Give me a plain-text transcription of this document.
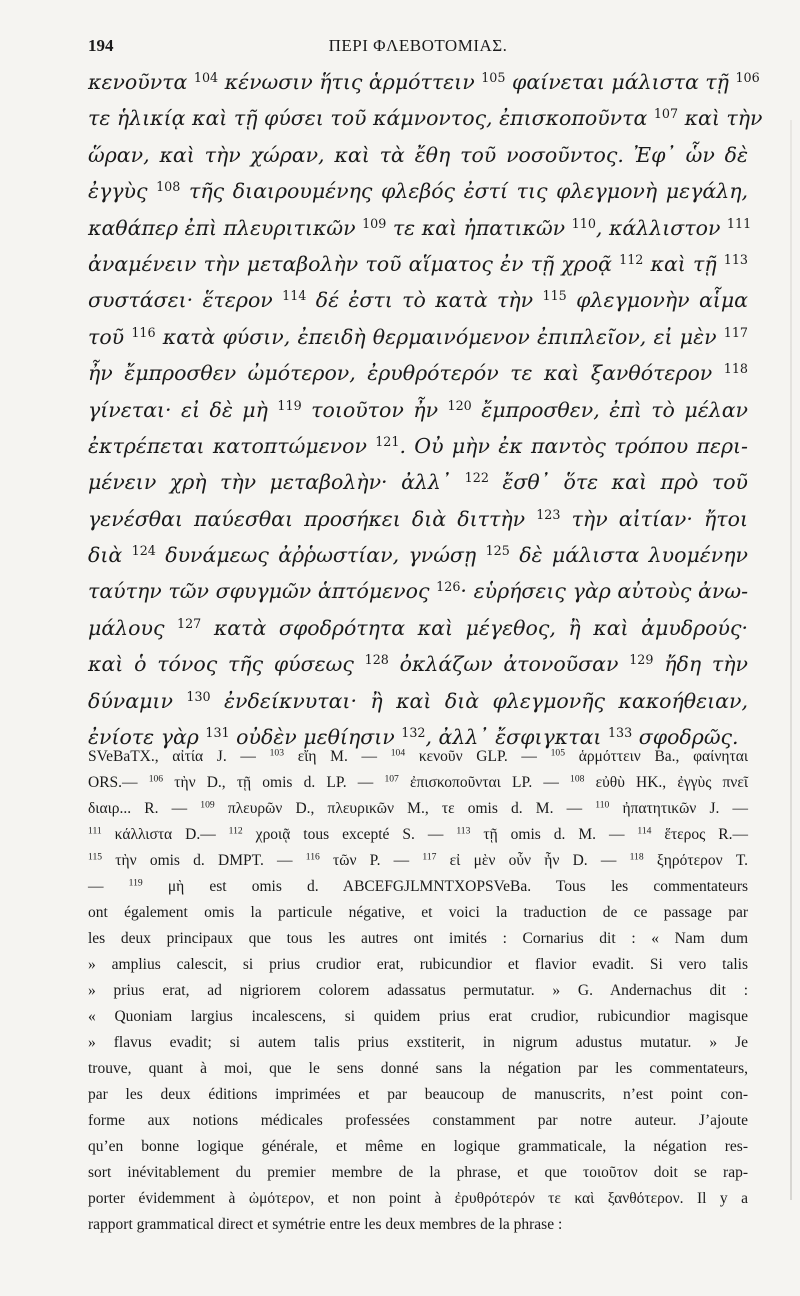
194	ΠΕΡΙ ΦΛΕΒΟΤΟΜΙΑΣ.
κενοῦντα $^{104}$ κένωσιν ἥτις ἁρμόττειν $^{105}$ φαίνεται μάλιστα τῇ $^{106}$
τε ἡλικίᾳ καὶ τῇ φύσει τοῦ κάμνοντος, ἐπισκοποῦντα $^{107}$ καὶ τὴν
ὥραν, καὶ τὴν χώραν, καὶ τὰ ἔθη τοῦ νοσοῦντος. Ἐφ᾽ ὧν δὲ
ἐγγὺς $^{108}$ τῆς διαιρουμένης φλεβός ἐστί τις φλεγμονὴ μεγάλη,
καθάπερ ἐπὶ πλευριτικῶν $^{109}$ τε καὶ ἠπατικῶν $^{110}$, κάλλιστον $^{111}$
ἀναμένειν τὴν μεταβολὴν τοῦ αἵματος ἐν τῇ χροᾷ $^{112}$ καὶ τῇ $^{113}$
συστάσει· ἕτερον $^{114}$ δέ ἐστι τὸ κατὰ τὴν $^{115}$ φλεγμονὴν αἷμα
τοῦ $^{116}$ κατὰ φύσιν, ἐπειδὴ θερμαινόμενον ἐπιπλεῖον, εἰ μὲν $^{117}$
ἦν ἔμπροσθεν ὠμότερον, ἐρυθρότερόν τε καὶ ξανθότερον $^{118}$
γίνεται· εἰ δὲ μὴ $^{119}$ τοιοῦτον ἦν $^{120}$ ἔμπροσθεν, ἐπὶ τὸ μέλαν
ἐκτρέπεται κατοπτώμενον $^{121}$. Οὐ μὴν ἐκ παντὸς τρόπου περι-
μένειν χρὴ τὴν μεταβολὴν· ἀλλ᾽ $^{122}$ ἔσθ᾽ ὅτε καὶ πρὸ τοῦ
γενέσθαι παύεσθαι προσήκει διὰ διττὴν $^{123}$ τὴν αἰτίαν· ἤτοι
διὰ $^{124}$ δυνάμεως ἀῤῥωστίαν, γνώσῃ $^{125}$ δὲ μάλιστα λυομένην
ταύτην τῶν σφυγμῶν ἁπτόμενος $^{126}$· εὑρήσεις γὰρ αὐτοὺς ἀνω-
μάλους $^{127}$ κατὰ σφοδρότητα καὶ μέγεθος, ἢ καὶ ἀμυδρούς·
καὶ ὁ τόνος τῆς φύσεως $^{128}$ ὀκλάζων ἀτονοῦσαν $^{129}$ ἤδη τὴν
δύναμιν $^{130}$ ἐνδείκνυται· ἢ καὶ διὰ φλεγμονῆς κακοήθειαν,
ἐνίοτε γὰρ $^{131}$ οὐδὲν μεθίησιν $^{132}$, ἀλλ᾽ ἔσφιγκται $^{133}$ σφοδρῶς.
SVeBaTX., αἰτία J. — $^{103}$ εἴη M. — $^{104}$ κενοῦν GLP. — $^{105}$ ἁρμόττειν Ba., φαίνηται
ORS.— $^{106}$ τὴν D., τῇ omis d. LP. — $^{107}$ ἐπισκοποῦνται LP. — $^{108}$ εὐθὺ HK., ἐγγὺς πνεῖ
διαιρ... R. — $^{109}$ πλευρῶν D., πλευρικῶν M., τε omis d. M. — $^{110}$ ἠπατητικῶν J. —
$^{111}$ κάλλιστα D.— $^{112}$ χροιᾷ tous excepté S. — $^{113}$ τῇ omis d. M. — $^{114}$ ἕτερος R.—
$^{115}$ τὴν omis d. DMPT. — $^{116}$ τῶν P. — $^{117}$ εἰ μὲν οὖν ἦν D. — $^{118}$ ξηρότερον T.
— $^{119}$ μὴ est omis d. ABCEFGJLMNTXOPSVeBa. Tous les commentateurs
ont également omis la particule négative, et voici la traduction de ce passage par
les deux principaux que tous les autres ont imités : Cornarius dit : « Nam dum
» amplius calescit, si prius crudior erat, rubicundior et flavior evadit. Si vero talis
» prius erat, ad nigriorem colorem adassatus permutatur. » G. Andernachus dit :
« Quoniam largius incalescens, si quidem prius erat crudior, rubicundior magisque
» flavus evadit; si autem talis prius exstiterit, in nigrum adustus mutatur. » Je
trouve, quant à moi, que le sens donné sans la négation par les commentateurs,
par les deux éditions imprimées et par beaucoup de manuscrits, n’est point con-
forme aux notions médicales professées constamment par notre auteur. J’ajoute
qu’en bonne logique générale, et même en logique grammaticale, la négation res-
sort inévitablement du premier membre de la phrase, et que τοιοῦτον doit se rap-
porter évidemment à ὠμότερον, et non point à ἐρυθρότερόν τε καὶ ξανθότερον. Il y a
rapport grammatical direct et symétrie entre les deux membres de la phrase :
